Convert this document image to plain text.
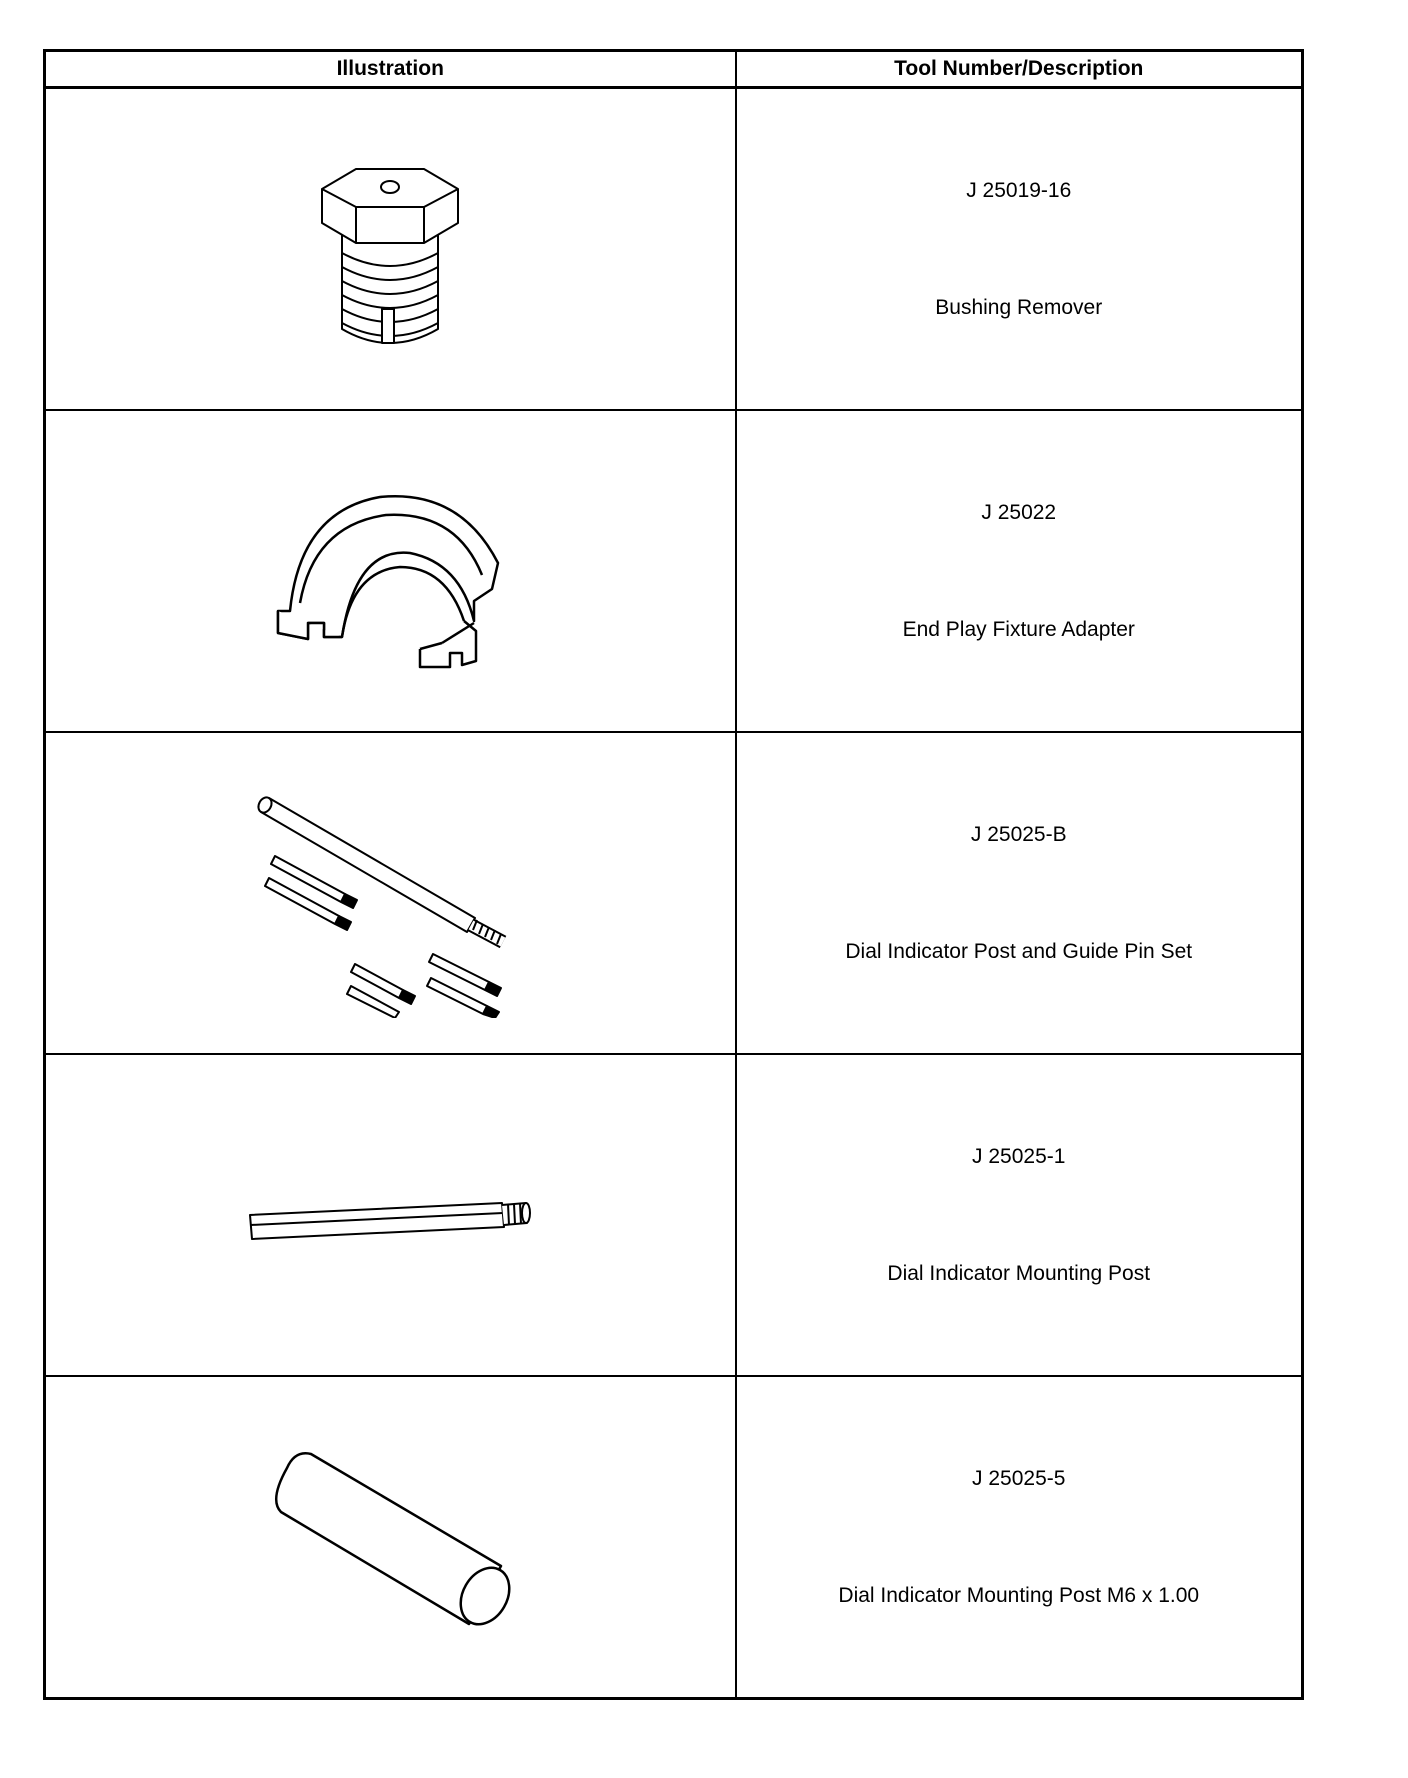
Illustration	Tool Number/Description

J 25019-16
Bushing Remover

J 25022
End Play Fixture Adapter

J 25025-B
Dial Indicator Post and Guide Pin Set

J 25025-1
Dial Indicator Mounting Post

J 25025-5
Dial Indicator Mounting Post M6 x 1.00
